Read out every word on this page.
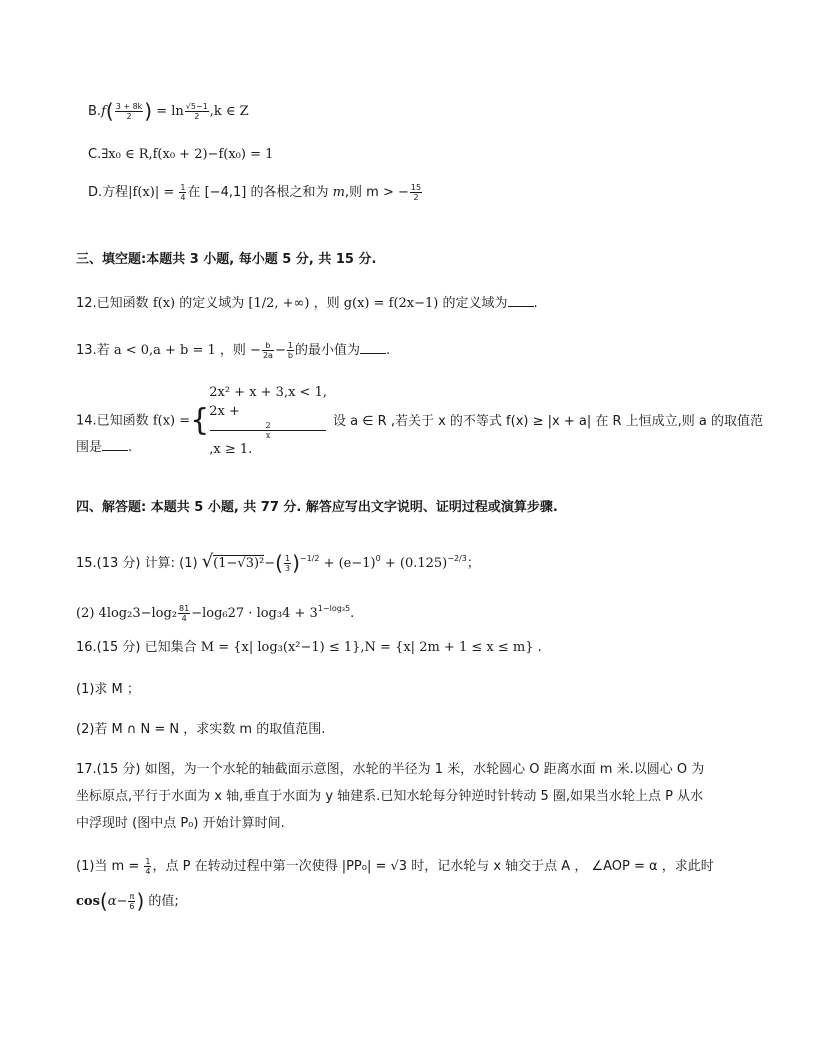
$B.f( \frac{3 + 8k}{2}$ ) = $\ln \frac{√5-1}{2} ,k$ ∈ Z
C.∃x₀ ∈ R,f(x₀ + 2)−f(x₀) = 1
D.方程$|f(x)| = \frac{1}{4}$ 在 [−4,1] 的各根之和为 m,则 m > − $\frac{15}{2}$
三、填空题:本题共 3 小题, 每小题 5 分, 共 15 分.
12.已知函数 f(x) 的定义域为 [1/2, +∞) ，则 g(x) = f(2x−1) 的定义域为 .
13.若 a < 0,a + b = 1 ，则 − $\frac{b}{2a} - \frac{1}{b}$ 的最小值为 .
14.已知函数 f(x) ={
2x² + x + 3,x < 1,
2x +
2
x
,x ≥ 1.
设 a ∈ R ,若关于 x 的不等式 f(x) ≥ |x + a| 在 R 上恒成立,则 a 的取值范
围是 .
四、解答题: 本题共 5 小题, 共 77 分. 解答应写出文字说明、证明过程或演算步骤.
15.(13 分) 计算: (1) $√(1-√3)^2-( \frac{1}{3} )^{-1/2} + (e-1)^0 + (0.125)^{-2/3}$；
(2) $4\log_23-\log_2 \frac{81}{4} -\log_627 \cdot \log_34 + 3^{1-log_35}$.
16.(15 分) 已知集合 M = {x| log₃(x²−1) ≤ 1},N = {x| 2m + 1 ≤ x ≤ m} .
(1)求 M ；
(2)若 M ∩ N = N ，求实数 m 的取值范围.
17.(15 分) 如图，为一个水轮的轴截面示意图，水轮的半径为 1 米，水轮圆心 O 距离水面 m 米.以圆心 O 为
坐标原点,平行于水面为 x 轴,垂直于水面为 y 轴建系.已知水轮每分钟逆时针转动 5 圈,如果当水轮上点 P 从水
中浮现时 (图中点 P₀) 开始计算时间.
(1)当 $m = \frac{1}{4}$ ，点 P 在转动过程中第一次使得 |PP₀| = √3 时，记水轮与 x 轴交于点 A ， ∠AOP = α ，求此时
$\cos(\alpha- \frac{\pi}{6}$ ) 的值;
